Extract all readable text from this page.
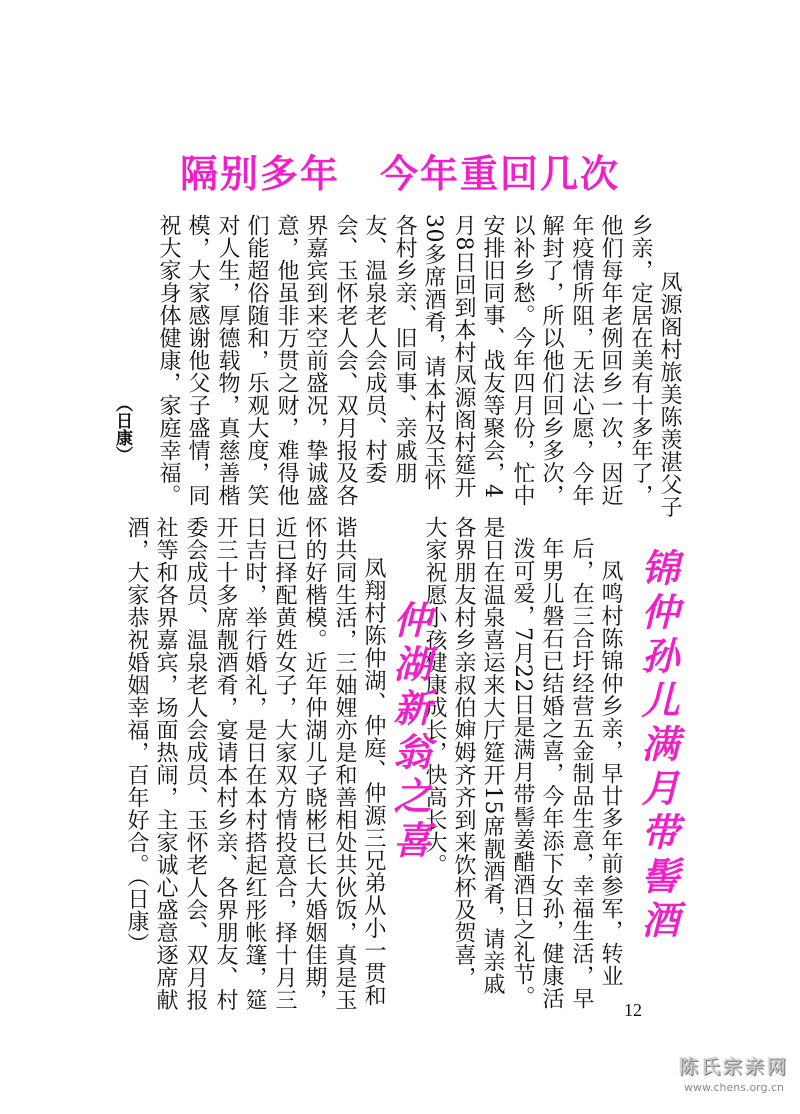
隔别多年　今年重回几次
　凤源阁村旅美陈羡湛父子
乡亲，定居在美有十多年了，
他们每年老例回乡一次，因近
年疫情所阻，无法心愿，今年
解封了，所以他们回乡多次，
以补乡愁。今年四月份，忙中
安排旧同事、战友等聚会，4
月8日回到本村凤源阁村筵开
30多席酒肴，请本村及玉怀
各村乡亲、旧同事、亲戚朋
友、温泉老人会成员、村委
会、玉怀老人会、双月报及各
界嘉宾到来空前盛况，挚诚盛
意，他虽非万贯之财，难得他
们能超俗随和，乐观大度，笑
对人生，厚德载物，真慈善楷
模，大家感谢他父子盛情，同
祝大家身体健康，家庭幸福。
（日康）
锦仲孙儿满月带髻酒
　凤鸣村陈锦仲乡亲，早廿多年前参军，转业
后，在三合圩经营五金制品生意，幸福生活，早
年男儿磐石已结婚之喜，今年添下女孙，健康活
泼可爱，7月22日是满月带髻姜醋酒日之礼节。
是日在温泉喜运来大厅筵开15席靓酒肴，请亲戚
各界朋友村乡亲叔伯婶姆齐齐到来饮杯及贺喜，
大家祝愿小孩健康成长，快高长大。
仲湖新翁之喜
　凤翔村陈仲湖、仲庭、仲源三兄弟从小一贯和
谐共同生活，三妯娌亦是和善相处共伙饭，真是玉
怀的好楷模。近年仲湖儿子晓彬已长大婚姻佳期，
近已择配黄姓女子，大家双方情投意合，择十月三
日吉时，举行婚礼，是日在本村搭起红彤帐篷，筵
开三十多席靓酒肴，宴请本村乡亲、各界朋友、村
委会成员、温泉老人会成员、玉怀老人会、双月报
社等和各界嘉宾，场面热闹，主家诚心盛意逐席献
酒，大家恭祝婚姻幸福，百年好合。（日康）
12
陈氏宗亲网
www.chens.org.cn
